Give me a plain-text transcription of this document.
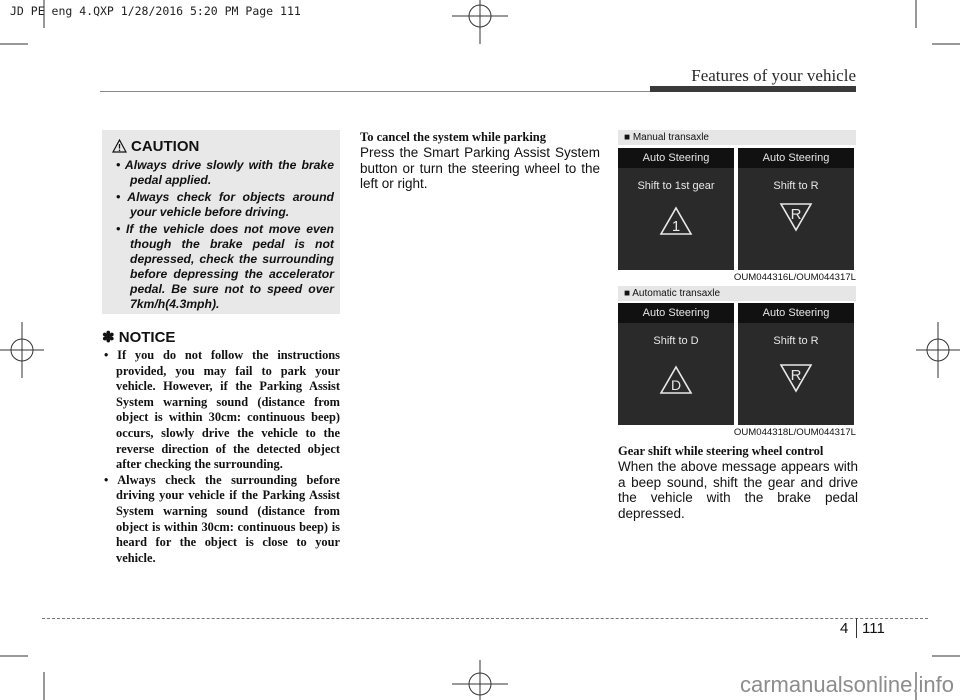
JD PE eng 4.QXP 1/28/2016 5:20 PM Page 111
Features of your vehicle
CAUTION
• Always drive slowly with the brake pedal applied.
• Always check for objects around your vehicle before driving.
• If the vehicle does not move even though the brake pedal is not depressed, check the surrounding before depressing the accelerator pedal. Be sure not to speed over 7km/h(4.3mph).
✽ NOTICE
• If you do not follow the instructions provided, you may fail to park your vehicle. However, if the Parking Assist System warning sound (distance from object is within 30cm: continuous beep) occurs, slowly drive the vehicle to the reverse direction of the detected object after checking the surrounding.
• Always check the surrounding before driving your vehicle if the Parking Assist System warning sound (distance from object is within 30cm: continuous beep) is heard for the object is close to your vehicle.
To cancel the system while parking
Press the Smart Parking Assist System button or turn the steering wheel to the left or right.
■ Manual transaxle
Auto Steering
Shift to 1st gear
1
Auto Steering
Shift to R
R
OUM044316L/OUM044317L
■ Automatic transaxle
Auto Steering
Shift to D
D
Auto Steering
Shift to R
R
OUM044318L/OUM044317L
Gear shift while steering wheel control
When the above message appears with a beep sound, shift the gear and drive the vehicle with the brake pedal depressed.
4 111
carmanualsonline.info
